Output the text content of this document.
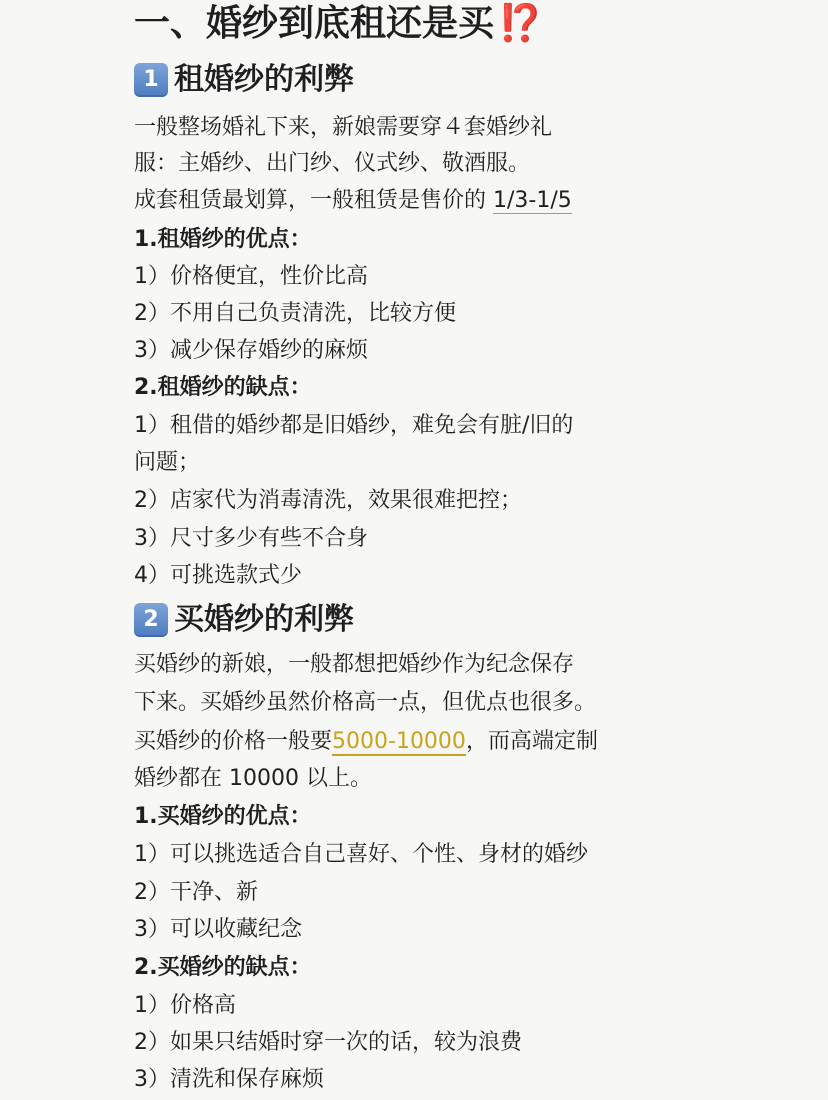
一、婚纱到底租还是买 ⁉️
1 租婚纱的利弊
一般整场婚礼下来，新娘需要穿４套婚纱礼
服：主婚纱、出门纱、仪式纱、敬酒服。
成套租赁最划算，一般租赁是售价的 1/3-1/5
1.租婚纱的优点：
1）价格便宜，性价比高
2）不用自己负责清洗，比较方便
3）减少保存婚纱的麻烦
2.租婚纱的缺点：
1）租借的婚纱都是旧婚纱，难免会有脏/旧的
问题；
2）店家代为消毒清洗，效果很难把控；
3）尺寸多少有些不合身
4）可挑选款式少
2 买婚纱的利弊
买婚纱的新娘，一般都想把婚纱作为纪念保存
下来。买婚纱虽然价格高一点，但优点也很多。
买婚纱的价格一般要5000-10000，而高端定制
婚纱都在 10000 以上。
1.买婚纱的优点：
1）可以挑选适合自己喜好、个性、身材的婚纱
2）干净、新
3）可以收藏纪念
2.买婚纱的缺点：
1）价格高
2）如果只结婚时穿一次的话，较为浪费
3）清洗和保存麻烦
